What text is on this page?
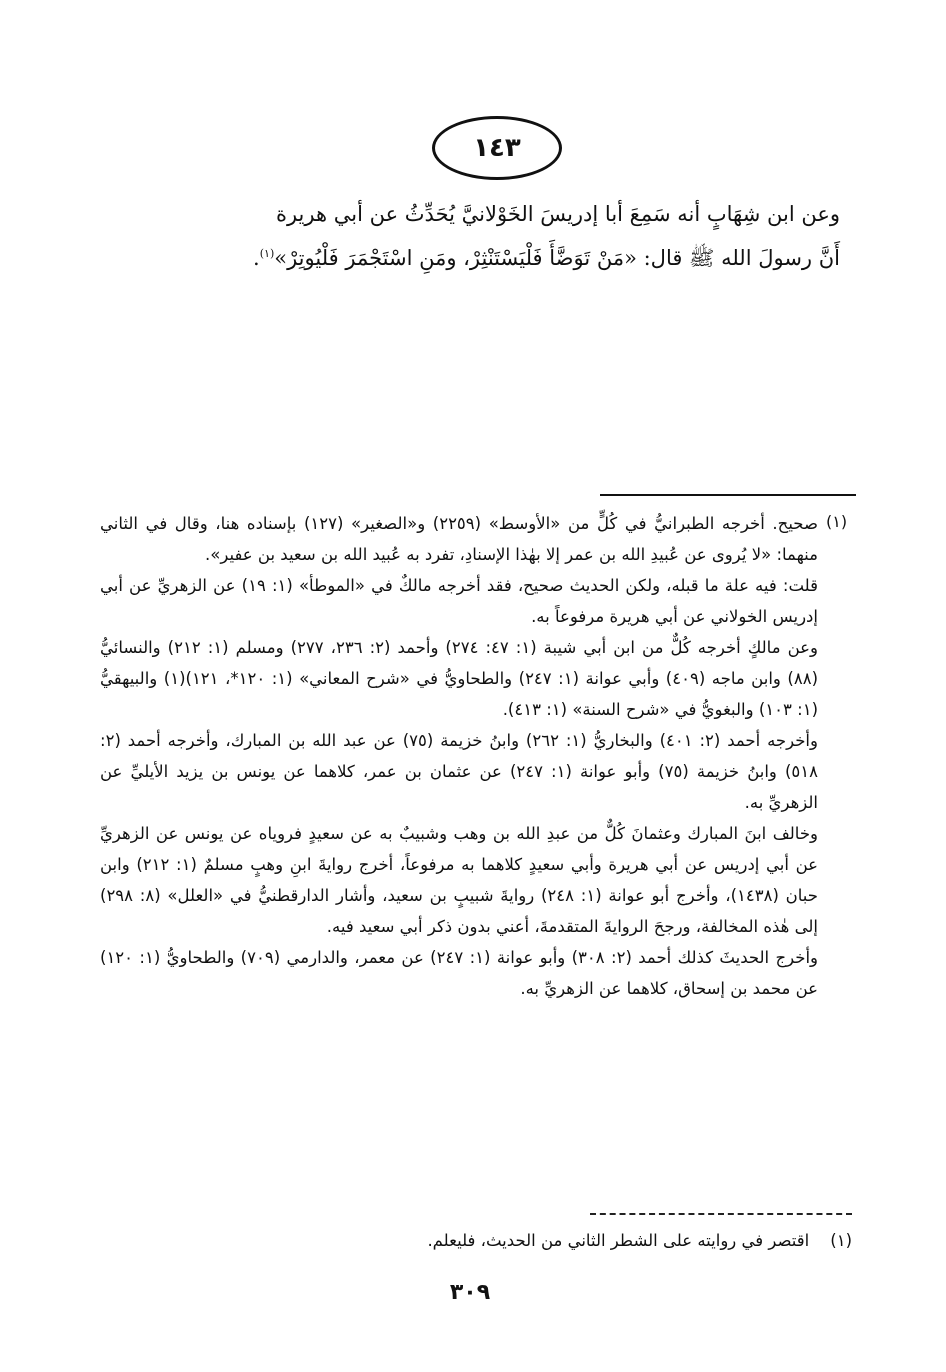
١٤٣

وعن ابن شِهَابٍ أنه سَمِعَ أبا إدريسَ الخَوْلانيَّ يُحَدِّثُ عن أبي هريرة

أَنَّ رسولَ الله ﷺ قال: «مَنْ تَوَضَّأَ فَلْيَسْتَنْثِرْ، ومَنِ اسْتَجْمَرَ فَلْيُوتِرْ»$^{(١)}$.

(١)

صحيح. أخرجه الطبرانيُّ في كُلٍّ من «الأوسط» (٢٢٥٩) و«الصغير» (١٢٧) بإسناده هنا، وقال في الثاني منهما: «لا يُروى عن عُبيدِ الله بن عمر إلا بهٰذا الإسنادِ، تفرد به عُبيد الله بن سعيد بن عفير».

قلت: فيه علة ما قبله، ولكن الحديث صحيح، فقد أخرجه مالكٌ في «الموطأ» (١: ١٩) عن الزهريِّ عن أبي إدريس الخولاني عن أبي هريرة مرفوعاً به.

وعن مالكٍ أخرجه كُلٌّ من ابن أبي شيبة (١: ٤٧: ٢٧٤) وأحمد (٢: ٢٣٦، ٢٧٧) ومسلم (١: ٢١٢) والنسائيُّ (٨٨) وابن ماجه (٤٠٩) وأبي عوانة (١: ٢٤٧) والطحاويُّ في «شرح المعاني» (١: ١٢٠*، ١٢١)(١) والبيهقيُّ (١: ١٠٣) والبغويُّ في «شرح السنة» (١: ٤١٣).

وأخرجه أحمد (٢: ٤٠١) والبخاريُّ (١: ٢٦٢) وابنُ خزيمة (٧٥) عن عبد الله بن المبارك، وأخرجه أحمد (٢: ٥١٨) وابنُ خزيمة (٧٥) وأبو عوانة (١: ٢٤٧) عن عثمان بن عمر، كلاهما عن يونس بن يزيد الأيليِّ عن الزهريِّ به.

وخالف ابنَ المبارك وعثمانَ كُلٌّ من عبدِ الله بن وهب وشبيبٌ به عن سعيدٍ فروياه عن يونس عن الزهريِّ عن أبي إدريس عن أبي هريرة وأبي سعيدٍ كلاهما به مرفوعاً، أخرج روايةَ ابنِ وهبٍ مسلمٌ (١: ٢١٢) وابن حبان (١٤٣٨)، وأخرج أبو عوانة (١: ٢٤٨) روايةَ شبيبٍ بن سعيد، وأشار الدارقطنيُّ في «العلل» (٨: ٢٩٨) إلى هٰذه المخالفة، ورجحَ الروايةَ المتقدمةَ، أعني بدون ذكر أبي سعيد فيه.

وأخرج الحديثَ كذلك أحمد (٢: ٣٠٨) وأبو عوانة (١: ٢٤٧) عن معمر، والدارمي (٧٠٩) والطحاويُّ (١: ١٢٠) عن محمد بن إسحاق، كلاهما عن الزهريِّ به.

(١)    اقتصر في روايته على الشطر الثاني من الحديث، فليعلم.
٣٠٩
